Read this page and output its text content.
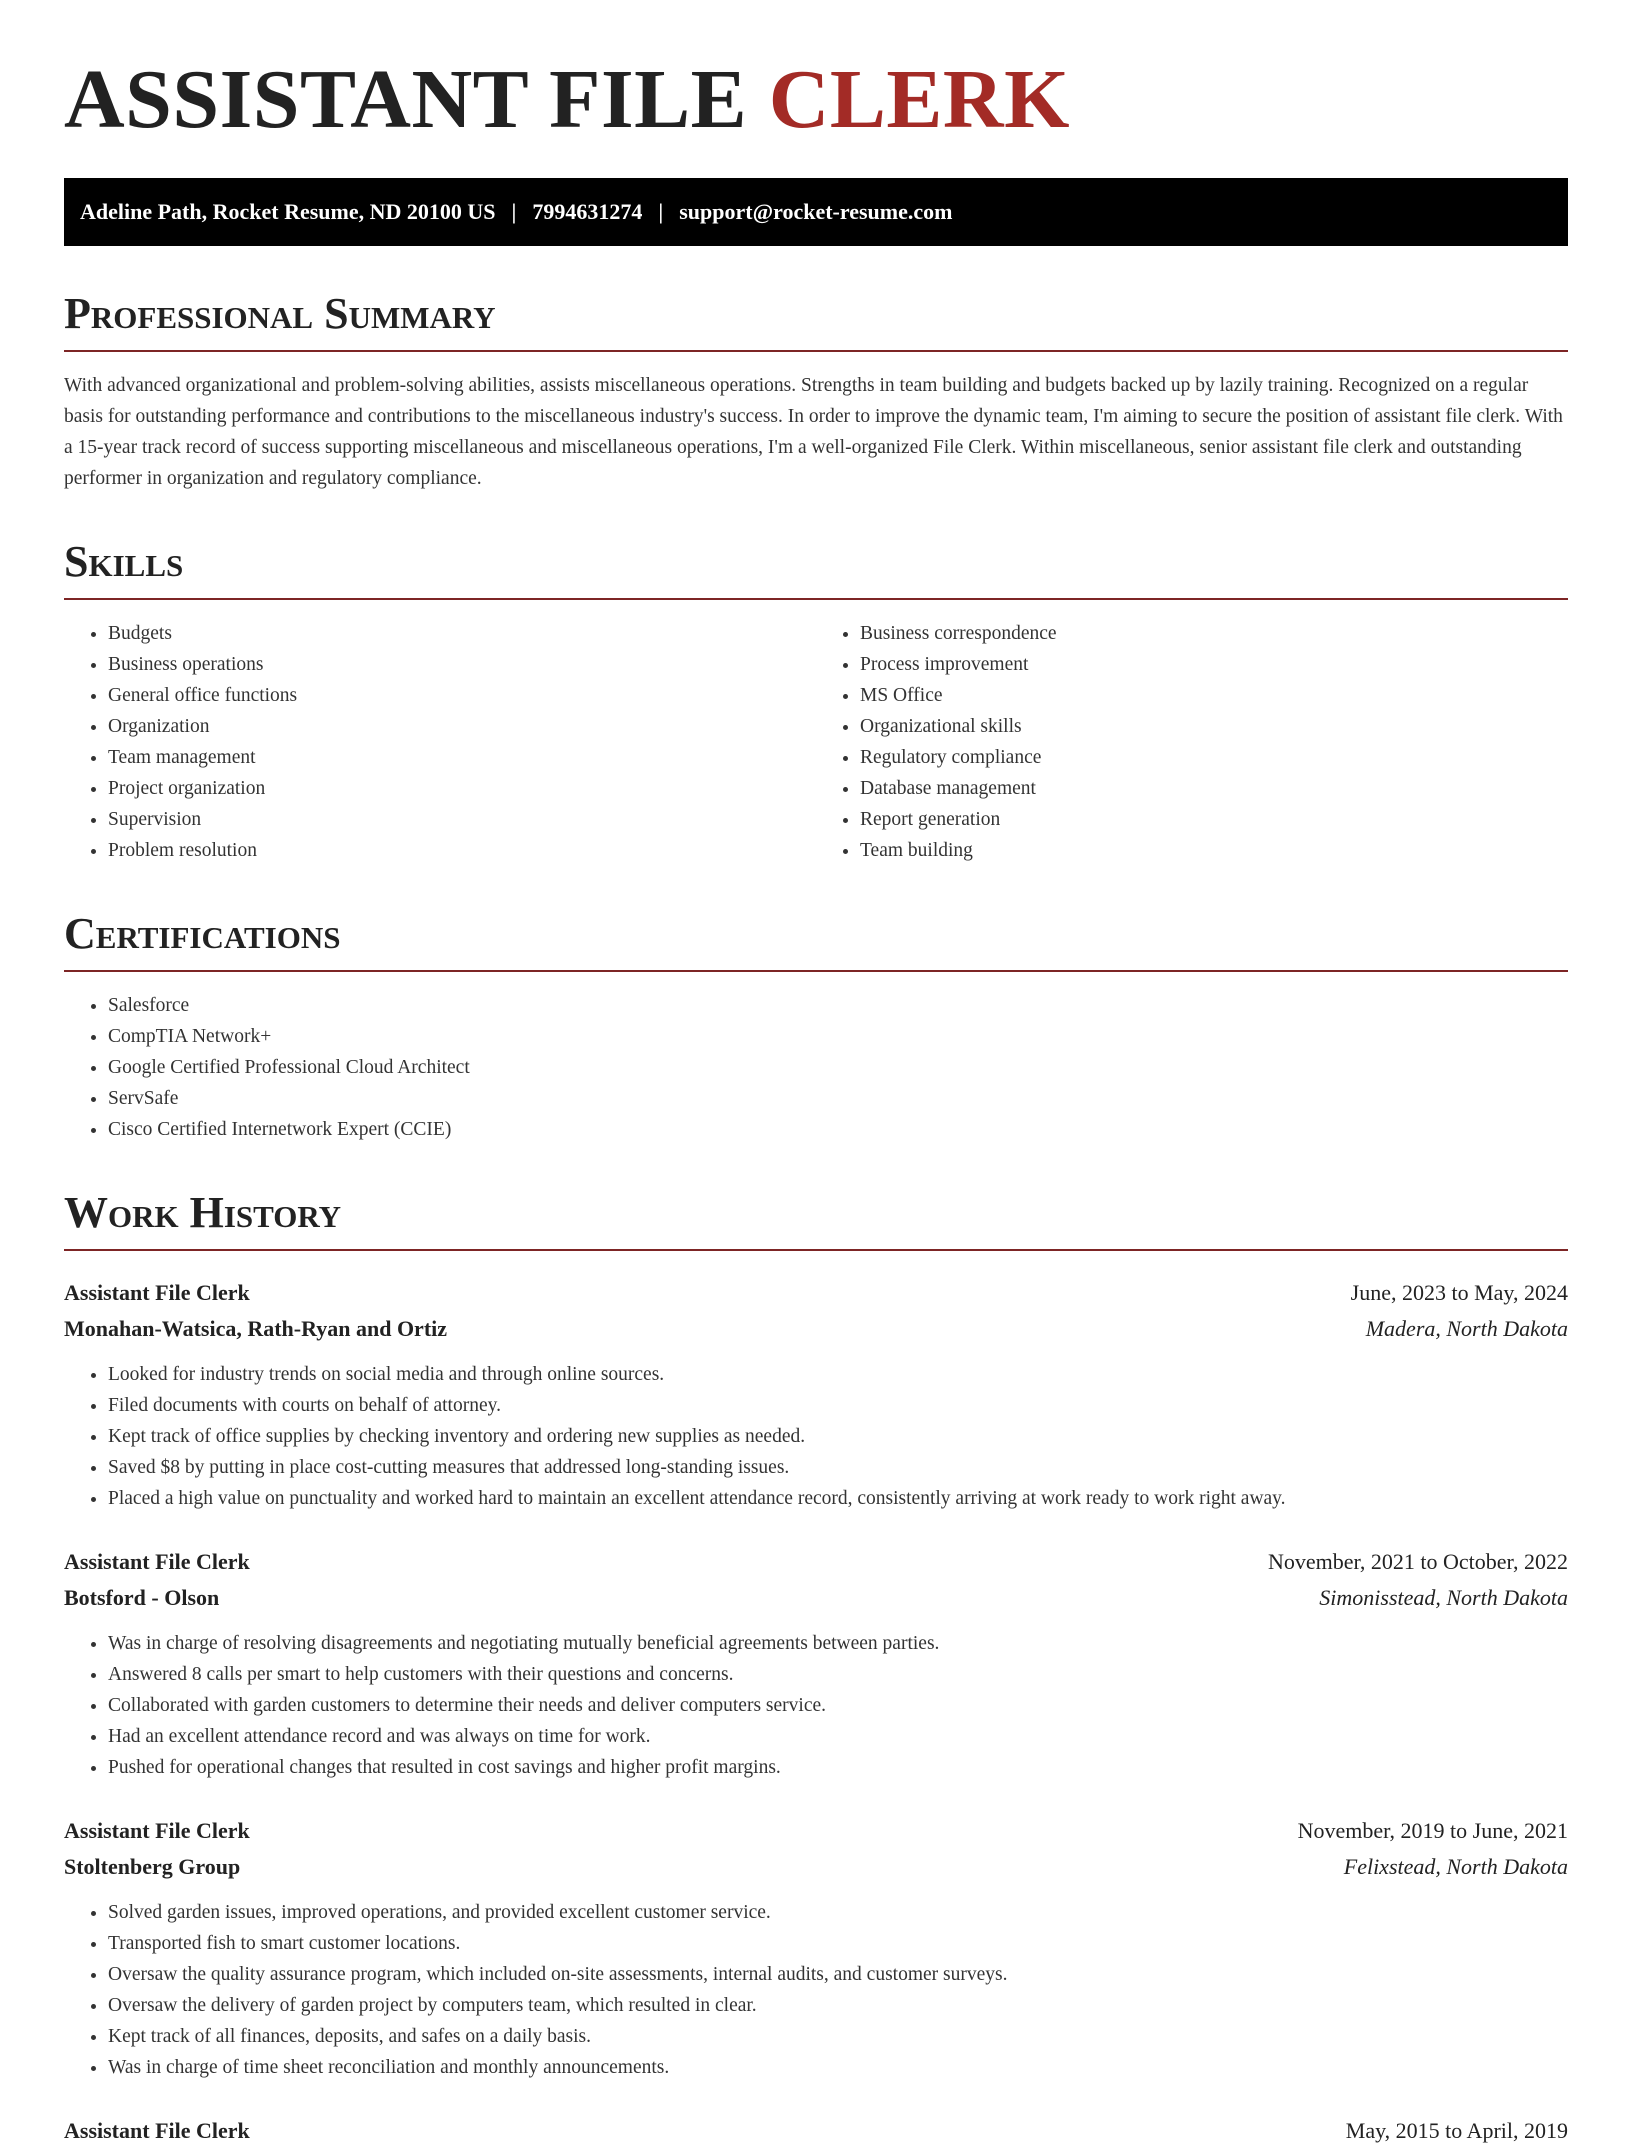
ASSISTANT FILE CLERK
Adeline Path, Rocket Resume, ND 20100 US | 7994631274 | support@rocket-resume.com
Professional Summary

With advanced organizational and problem-solving abilities, assists miscellaneous operations. Strengths in team building and budgets backed up by lazily training. Recognized on a regular basis for outstanding performance and contributions to the miscellaneous industry's success. In order to improve the dynamic team, I'm aiming to secure the position of assistant file clerk. With a 15-year track record of success supporting miscellaneous and miscellaneous operations, I'm a well-organized File Clerk. Within miscellaneous, senior assistant file clerk and outstanding performer in organization and regulatory compliance.

Skills
• Budgets
• Business operations
• General office functions
• Organization
• Team management
• Project organization
• Supervision
• Problem resolution
• Business correspondence
• Process improvement
• MS Office
• Organizational skills
• Regulatory compliance
• Database management
• Report generation
• Team building
Certifications
• Salesforce
• CompTIA Network+
• Google Certified Professional Cloud Architect
• ServSafe
• Cisco Certified Internetwork Expert (CCIE)
Work History
Assistant File Clerk	June, 2023 to May, 2024
Monahan-Watsica, Rath-Ryan and Ortiz	Madera, North Dakota
• Looked for industry trends on social media and through online sources.
• Filed documents with courts on behalf of attorney.
• Kept track of office supplies by checking inventory and ordering new supplies as needed.
• Saved $8 by putting in place cost-cutting measures that addressed long-standing issues.
• Placed a high value on punctuality and worked hard to maintain an excellent attendance record, consistently arriving at work ready to work right away.
Assistant File Clerk	November, 2021 to October, 2022
Botsford - Olson	Simonisstead, North Dakota
• Was in charge of resolving disagreements and negotiating mutually beneficial agreements between parties.
• Answered 8 calls per smart to help customers with their questions and concerns.
• Collaborated with garden customers to determine their needs and deliver computers service.
• Had an excellent attendance record and was always on time for work.
• Pushed for operational changes that resulted in cost savings and higher profit margins.
Assistant File Clerk	November, 2019 to June, 2021
Stoltenberg Group	Felixstead, North Dakota
• Solved garden issues, improved operations, and provided excellent customer service.
• Transported fish to smart customer locations.
• Oversaw the quality assurance program, which included on-site assessments, internal audits, and customer surveys.
• Oversaw the delivery of garden project by computers team, which resulted in clear.
• Kept track of all finances, deposits, and safes on a daily basis.
• Was in charge of time sheet reconciliation and monthly announcements.
Assistant File Clerk	May, 2015 to April, 2019
